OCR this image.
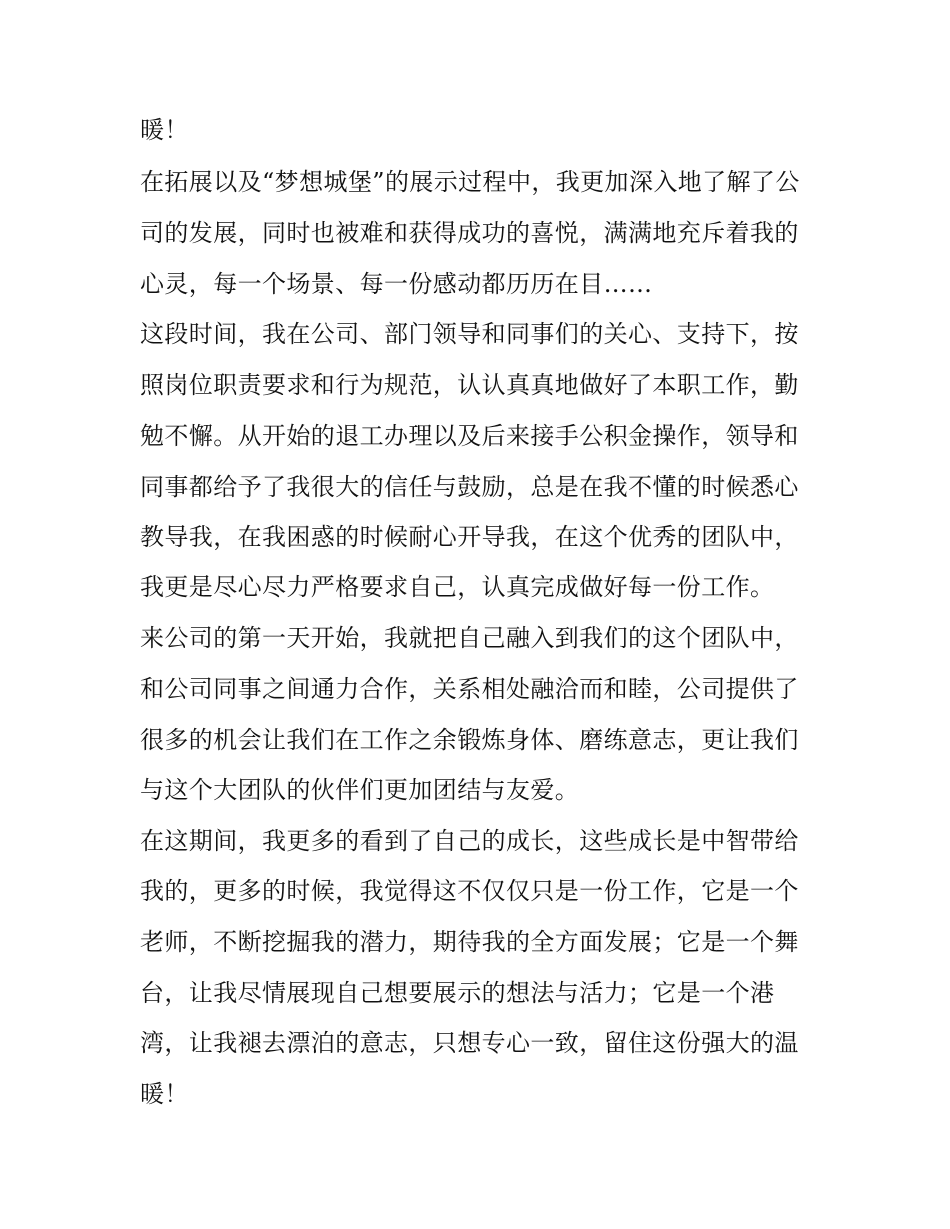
暖！

在拓展以及“梦想城堡”的展示过程中，我更加深入地了解了公

司的发展，同时也被难和获得成功的喜悦，满满地充斥着我的

心灵，每一个场景、每一份感动都历历在目……

这段时间，我在公司、部门领导和同事们的关心、支持下，按

照岗位职责要求和行为规范，认认真真地做好了本职工作，勤

勉不懈。从开始的退工办理以及后来接手公积金操作，领导和

同事都给予了我很大的信任与鼓励，总是在我不懂的时候悉心

教导我，在我困惑的时候耐心开导我，在这个优秀的团队中，

我更是尽心尽力严格要求自己，认真完成做好每一份工作。

来公司的第一天开始，我就把自己融入到我们的这个团队中，

和公司同事之间通力合作，关系相处融洽而和睦，公司提供了

很多的机会让我们在工作之余锻炼身体、磨练意志，更让我们

与这个大团队的伙伴们更加团结与友爱。

在这期间，我更多的看到了自己的成长，这些成长是中智带给

我的，更多的时候，我觉得这不仅仅只是一份工作，它是一个

老师，不断挖掘我的潜力，期待我的全方面发展；它是一个舞

台，让我尽情展现自己想要展示的想法与活力；它是一个港

湾，让我褪去漂泊的意志，只想专心一致，留住这份强大的温

暖！
